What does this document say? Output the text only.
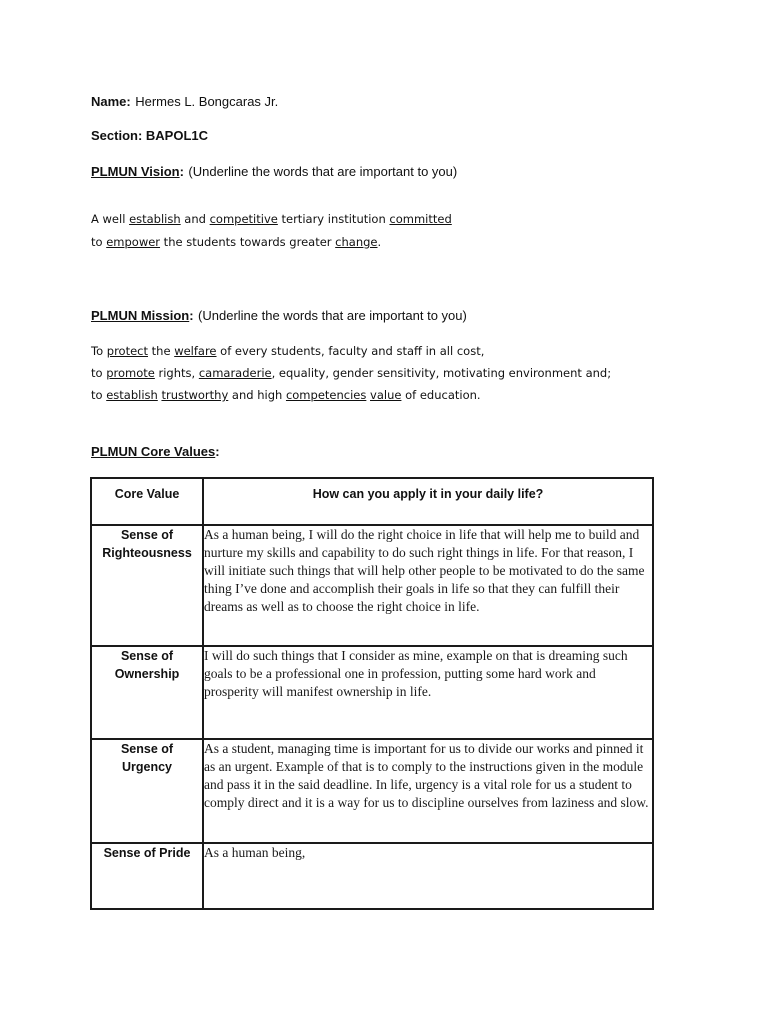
Name: Hermes L. Bongcaras Jr.
Section: BAPOL1C
PLMUN Vision: (Underline the words that are important to you)
A well establish and competitive tertiary institution committed
to empower the students towards greater change.
PLMUN Mission: (Underline the words that are important to you)
To protect the welfare of every students, faculty and staff in all cost,
to promote rights, camaraderie, equality, gender sensitivity, motivating environment and;
to establish trustworthy and high competencies value of education.
PLMUN Core Values:
Core Value	How can you apply it in your daily life?

Sense of
Righteousness	As a human being, I will do the right choice in life that will help me to build and nurture my skills and capability to do such right things in life. For that reason, I will initiate such things that will help other people to be motivated to do the same thing I’ve done and accomplish their goals in life so that they can fulfill their dreams as well as to choose the right choice in life.

Sense of
Ownership	I will do such things that I consider as mine, example on that is dreaming such goals to be a professional one in profession, putting some hard work and prosperity will manifest ownership in life.

Sense of
Urgency	As a student, managing time is important for us to divide our works and pinned it as an urgent. Example of that is to comply to the instructions given in the module and pass it in the said deadline. In life, urgency is a vital role for us a student to comply direct and it is a way for us to discipline ourselves from laziness and slow.

Sense of Pride	As a human being,
